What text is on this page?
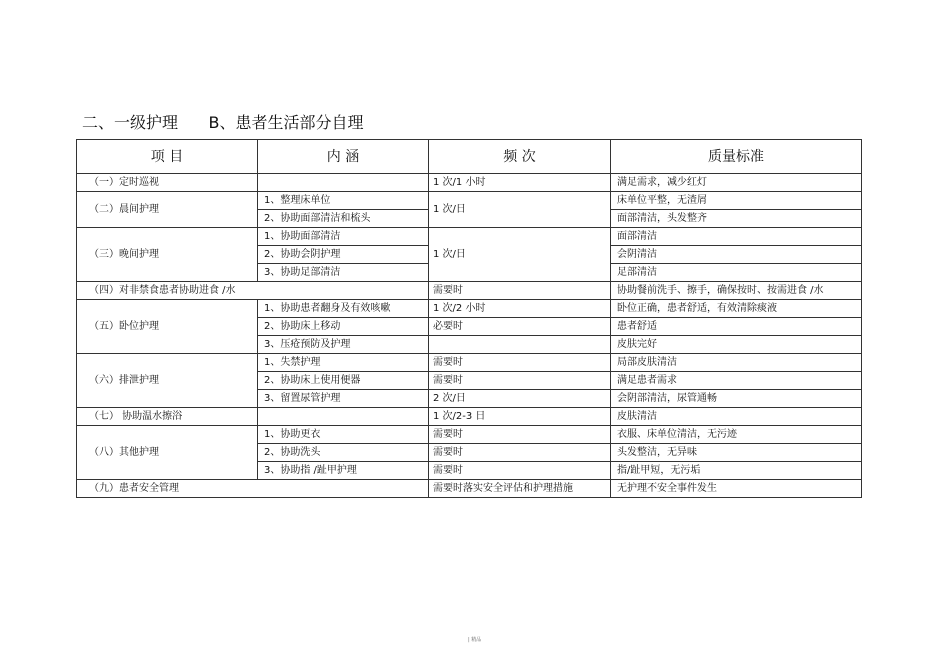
二、一级护理      B、患者生活部分自理
项 目	内 涵	频 次	质量标准
（一）定时巡视		1 次/1 小时	满足需求，减少红灯
（二）晨间护理	1、整理床单位	1 次/日	床单位平整，无渣屑
	2、协助面部清洁和梳头		面部清洁，头发整齐
（三）晚间护理	1、协助面部清洁	1 次/日	面部清洁
	2、协助会阴护理		会阴清洁
	3、协助足部清洁		足部清洁
（四）对非禁食患者协助进食 /水		需要时	协助餐前洗手、擦手，确保按时、按需进食 /水
（五）卧位护理	1、协助患者翻身及有效咳嗽	1 次/2 小时	卧位正确，患者舒适，有效清除痰液
	2、协助床上移动	必要时	患者舒适
	3、压疮预防及护理		皮肤完好
（六）排泄护理	1、失禁护理	需要时	局部皮肤清洁
	2、协助床上使用便器	需要时	满足患者需求
	3、留置尿管护理	2 次/日	会阴部清洁，尿管通畅
（七） 协助温水擦浴		1 次/2-3 日	皮肤清洁
（八）其他护理	1、协助更衣	需要时	衣服、床单位清洁，无污迹
	2、协助洗头	需要时	头发整洁，无异味
	3、协助指 /趾甲护理	需要时	指/趾甲短，无污垢
（九）患者安全管理		需要时落实安全评估和护理措施	无护理不安全事件发生
| 精品
